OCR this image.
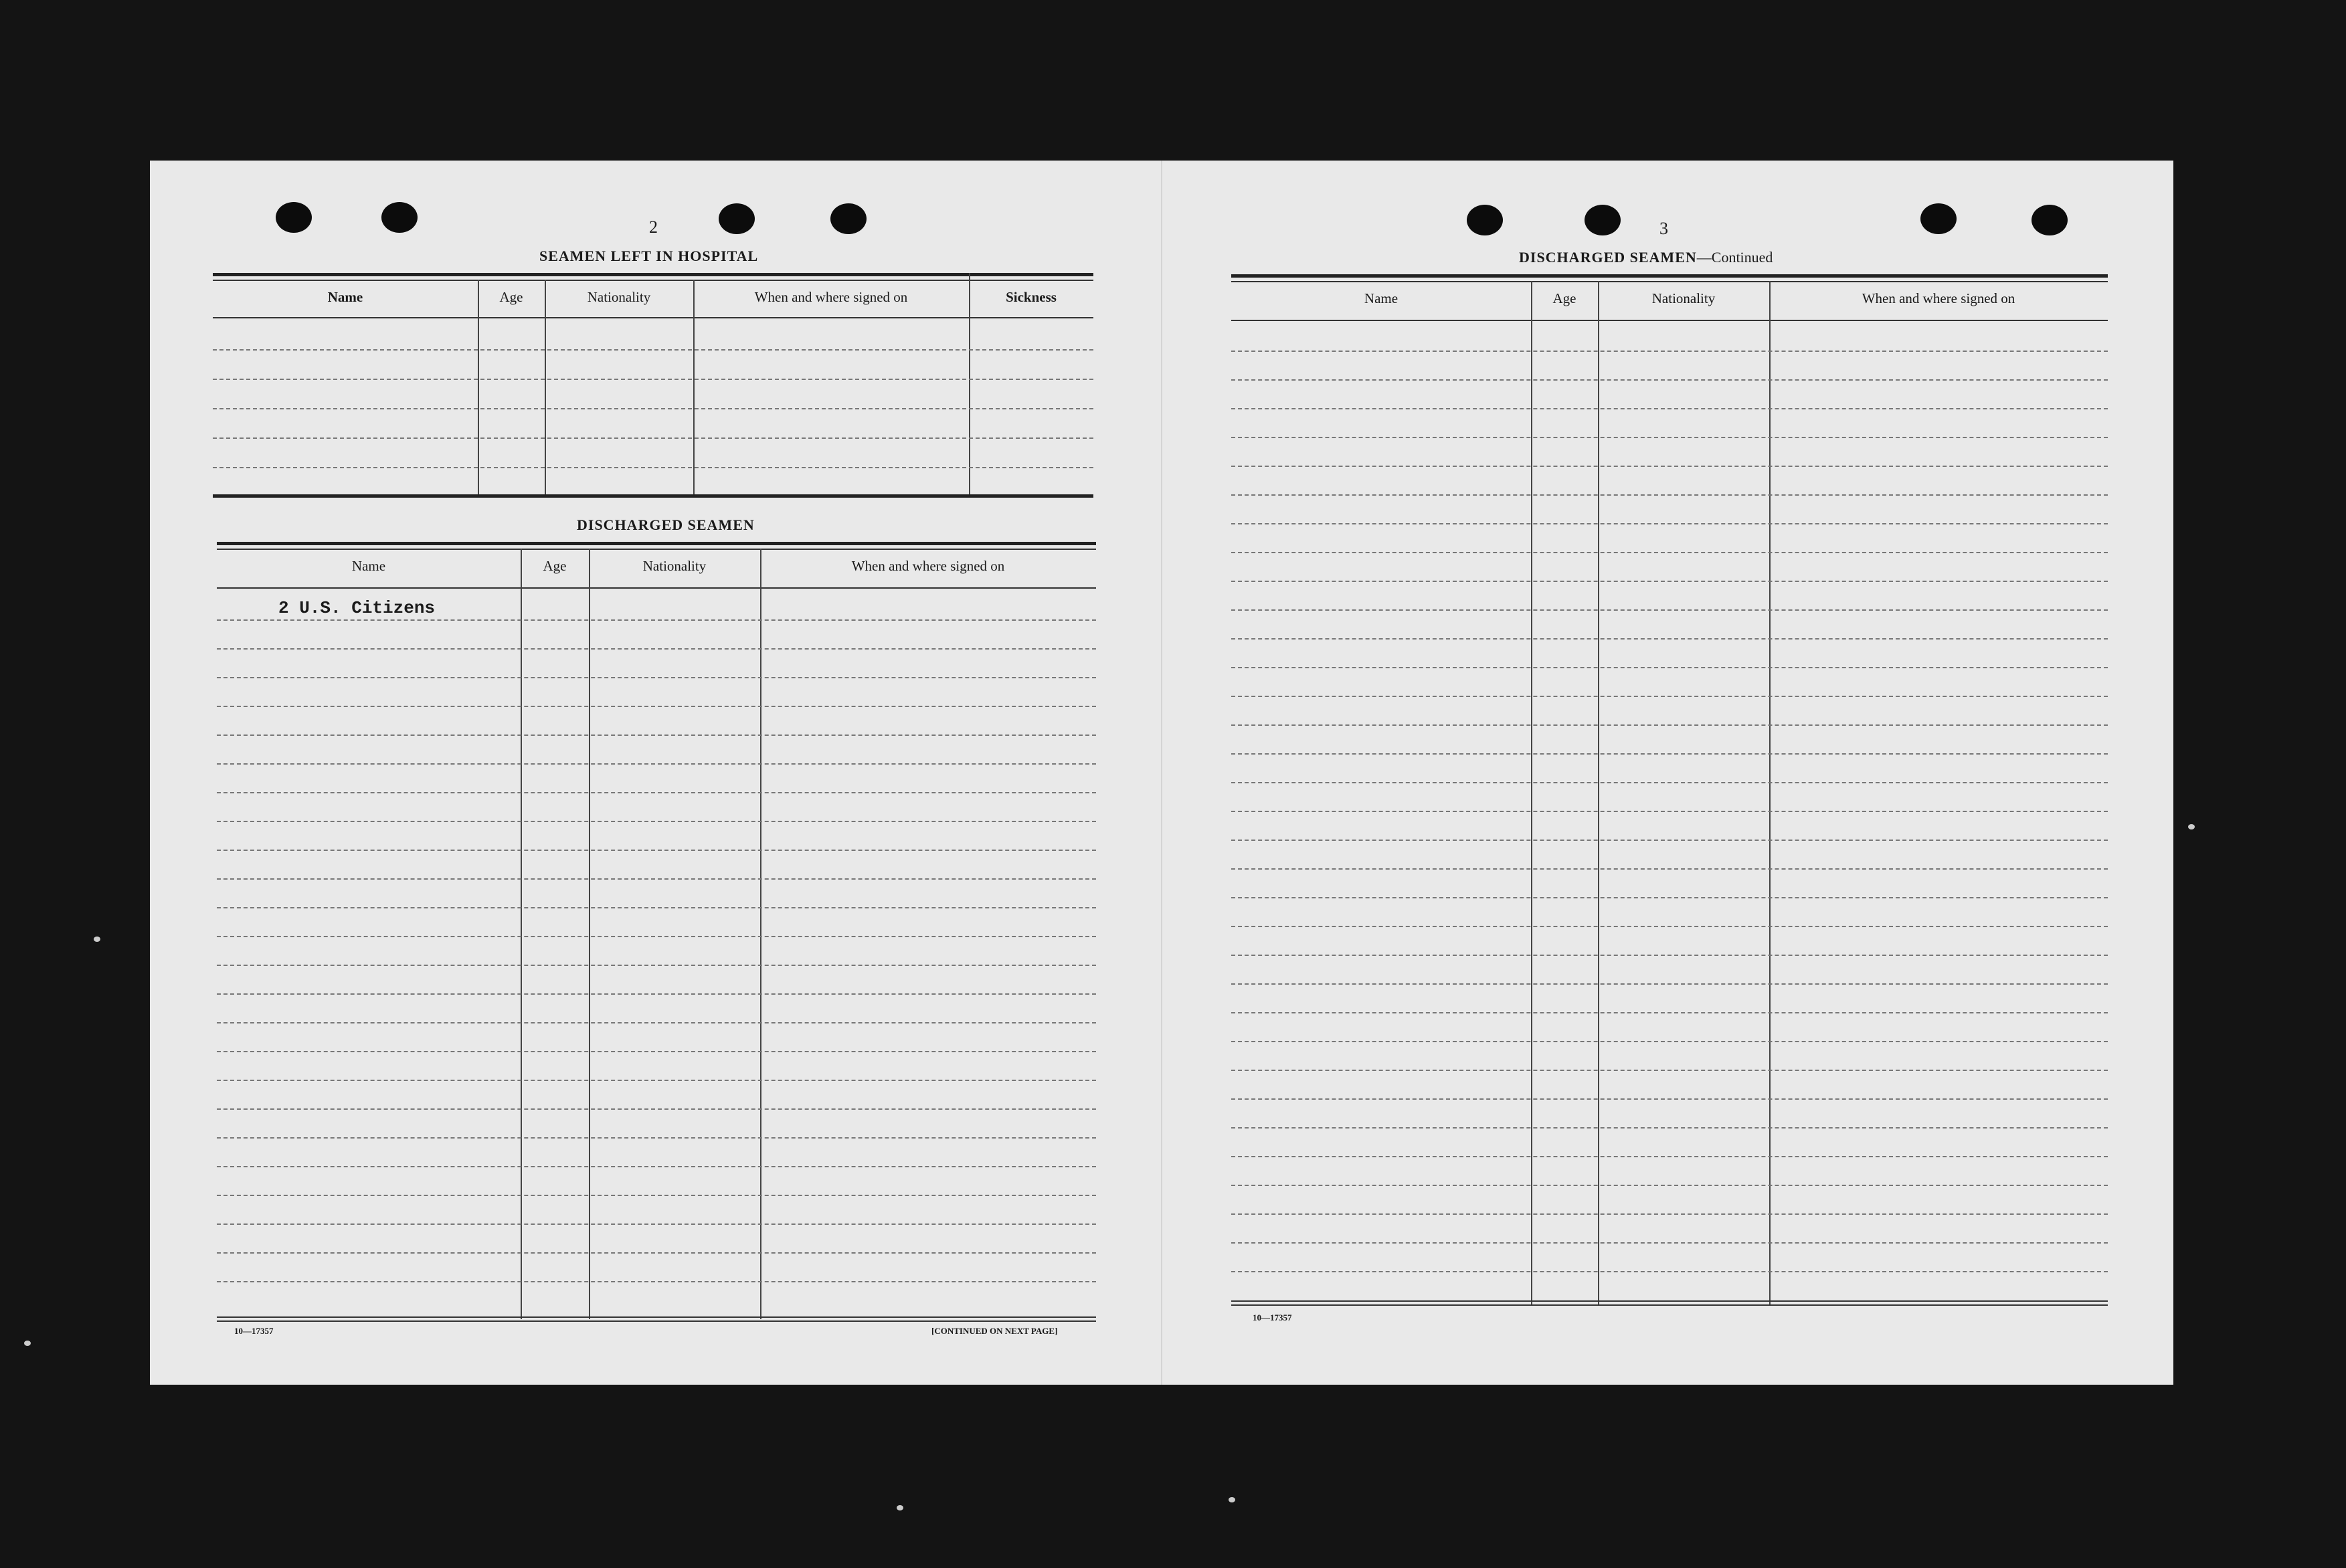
2
SEAMEN LEFT IN HOSPITAL
Name	Age	Nationality	When and where signed on	Sickness
DISCHARGED SEAMEN
Name	Age	Nationality	When and where signed on
2 U.S. Citizens
10—17357	[CONTINUED ON NEXT PAGE]
3
DISCHARGED SEAMEN—Continued
Name	Age	Nationality	When and where signed on
10—17357
